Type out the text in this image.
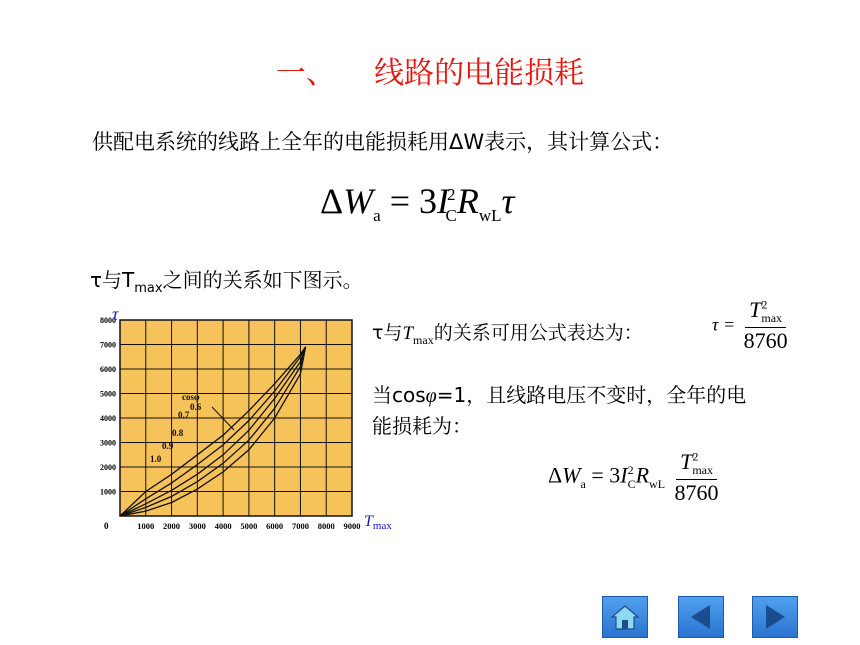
一、    线路的电能损耗
供配电系统的线路上全年的电能损耗用ΔW表示，其计算公式：
$\Delta W_a = 3I^2_CR_{wL}\tau$
τ与$T_{max}$之间的关系如下图示。
1000
2000
3000
4000
5000
6000
7000
8000
1000 2000 3000 4000 5000 6000 7000 8000 9000
0
cosφ
0.6
0.7
0.8
0.9
1.0
τ
Tmax
τ与$T_{max}$的关系可用公式表达为：	$\tau = \frac{T^2_{max}}{8760}$
当cosφ=1，且线路电压不变时，全年的电能损耗为：
$\Delta W_a = 3I^2_CR_{wL} \frac{T^2_{max}}{8760}$
